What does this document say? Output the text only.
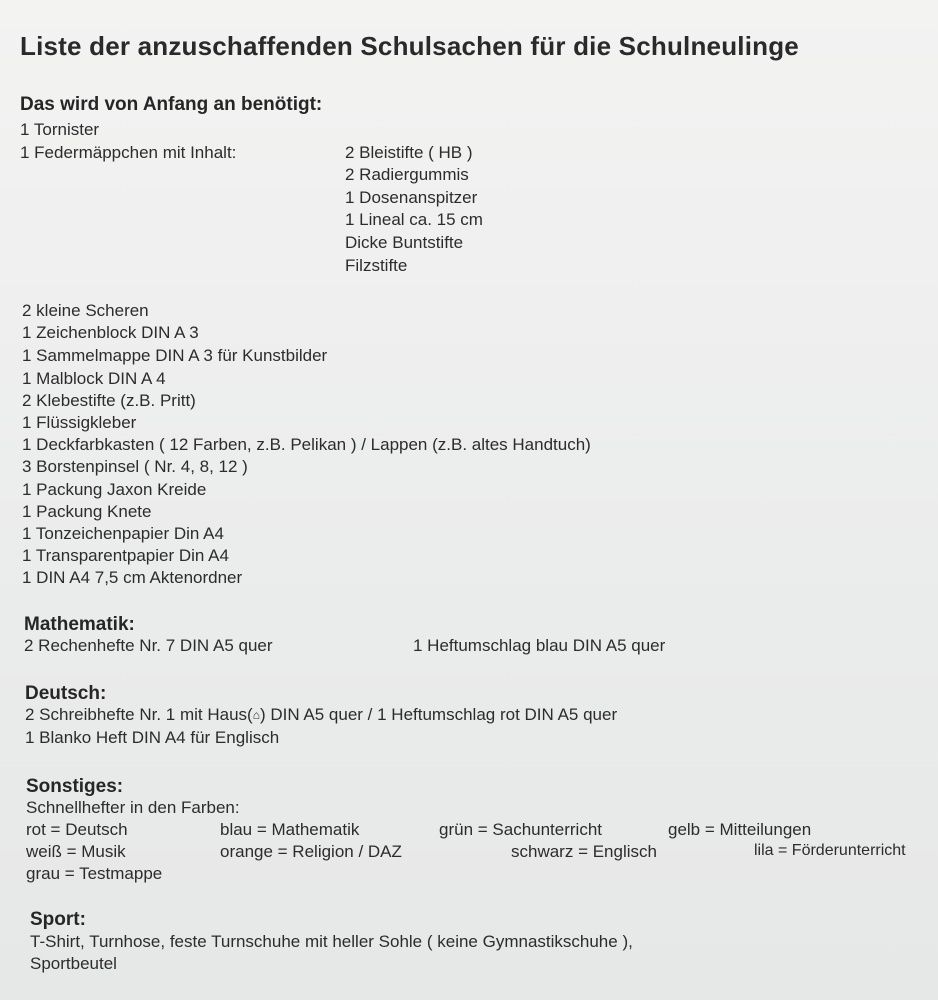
Liste der anzuschaffenden Schulsachen für die Schulneulinge
Das wird von Anfang an benötigt:
1 Tornister
1 Federmäppchen mit Inhalt:	2 Bleistifte ( HB )
2 Radiergummis
1 Dosenanspitzer
1 Lineal ca. 15 cm
Dicke Buntstifte
Filzstifte
2 kleine Scheren
1 Zeichenblock DIN A 3
1 Sammelmappe DIN A 3 für Kunstbilder
1 Malblock DIN A 4
2 Klebestifte (z.B. Pritt)
1 Flüssigkleber
1 Deckfarbkasten ( 12 Farben, z.B. Pelikan ) / Lappen (z.B. altes Handtuch)
3 Borstenpinsel ( Nr. 4, 8, 12 )
1 Packung Jaxon Kreide
1 Packung Knete
1 Tonzeichenpapier Din A4
1 Transparentpapier Din A4
1 DIN A4 7,5 cm Aktenordner
Mathematik:
2 Rechenhefte Nr. 7 DIN A5 quer	1 Heftumschlag blau DIN A5 quer
Deutsch:
2 Schreibhefte Nr. 1 mit Haus(⌂) DIN A5 quer / 1 Heftumschlag rot DIN A5 quer
1 Blanko Heft DIN A4 für Englisch
Sonstiges:
Schnellhefter in den Farben:
rot = Deutsch	blau = Mathematik	grün = Sachunterricht	gelb = Mitteilungen
weiß = Musik	orange = Religion / DAZ	schwarz = Englisch	lila = Förderunterricht
grau = Testmappe
Sport:
T-Shirt, Turnhose, feste Turnschuhe mit heller Sohle ( keine Gymnastikschuhe ),
Sportbeutel
